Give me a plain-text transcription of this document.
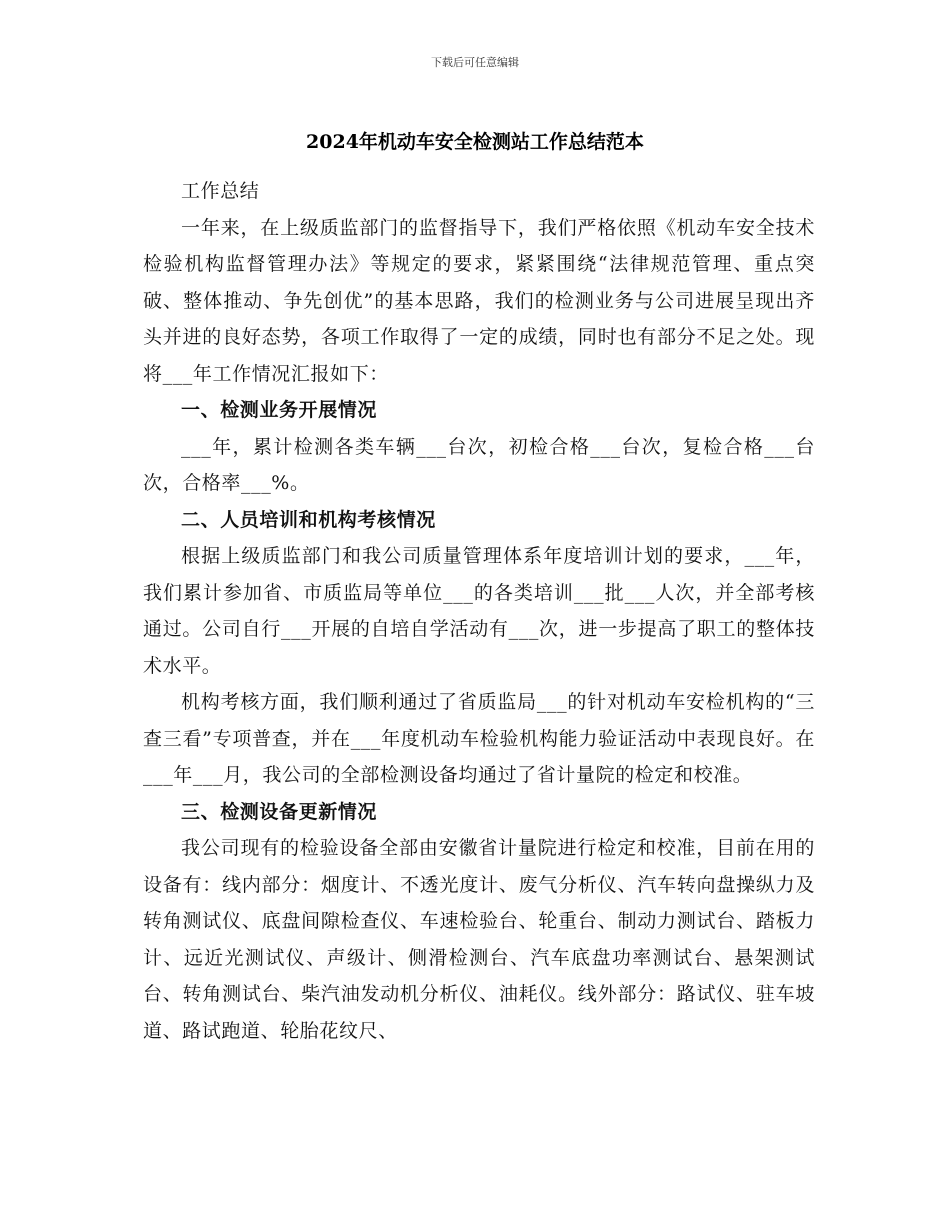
下载后可任意编辑
2024年机动车安全检测站工作总结范本

工作总结

一年来，在上级质监部门的监督指导下，我们严格依照《机动车安全技术检验机构监督管理办法》等规定的要求，紧紧围绕“法律规范管理、重点突破、整体推动、争先创优”的基本思路，我们的检测业务与公司进展呈现出齐头并进的良好态势，各项工作取得了一定的成绩，同时也有部分不足之处。现将___年工作情况汇报如下：

一、检测业务开展情况

___年，累计检测各类车辆___台次，初检合格___台次，复检合格___台次，合格率___%。

二、人员培训和机构考核情况

根据上级质监部门和我公司质量管理体系年度培训计划的要求，___年，我们累计参加省、市质监局等单位___的各类培训___批___人次，并全部考核通过。公司自行___开展的自培自学活动有___次，进一步提高了职工的整体技术水平。

机构考核方面，我们顺利通过了省质监局___的针对机动车安检机构的“三查三看”专项普查，并在___年度机动车检验机构能力验证活动中表现良好。在___年___月，我公司的全部检测设备均通过了省计量院的检定和校准。

三、检测设备更新情况

我公司现有的检验设备全部由安徽省计量院进行检定和校准，目前在用的设备有：线内部分：烟度计、不透光度计、废气分析仪、汽车转向盘操纵力及转角测试仪、底盘间隙检查仪、车速检验台、轮重台、制动力测试台、踏板力计、远近光测试仪、声级计、侧滑检测台、汽车底盘功率测试台、悬架测试台、转角测试台、柴汽油发动机分析仪、油耗仪。线外部分：路试仪、驻车坡道、路试跑道、轮胎花纹尺、
